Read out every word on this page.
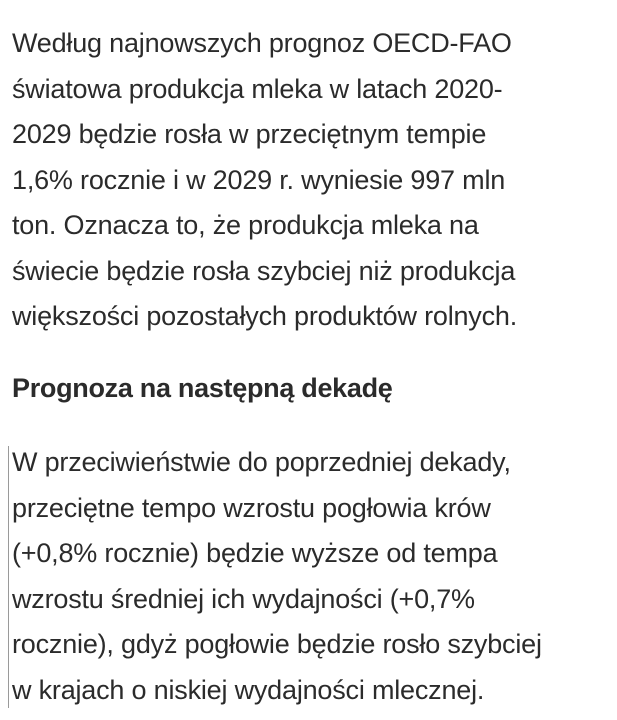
Według najnowszych prognoz OECD-FAO
światowa produkcja mleka w latach 2020-
2029 będzie rosła w przeciętnym tempie
1,6% rocznie i w 2029 r. wyniesie 997 mln
ton. Oznacza to, że produkcja mleka na
świecie będzie rosła szybciej niż produkcja
większości pozostałych produktów rolnych.

Prognoza na następną dekadę

W przeciwieństwie do poprzedniej dekady,
przeciętne tempo wzrostu pogłowia krów
(+0,8% rocznie) będzie wyższe od tempa
wzrostu średniej ich wydajności (+0,7%
rocznie), gdyż pogłowie będzie rosło szybciej
w krajach o niskiej wydajności mlecznej.
